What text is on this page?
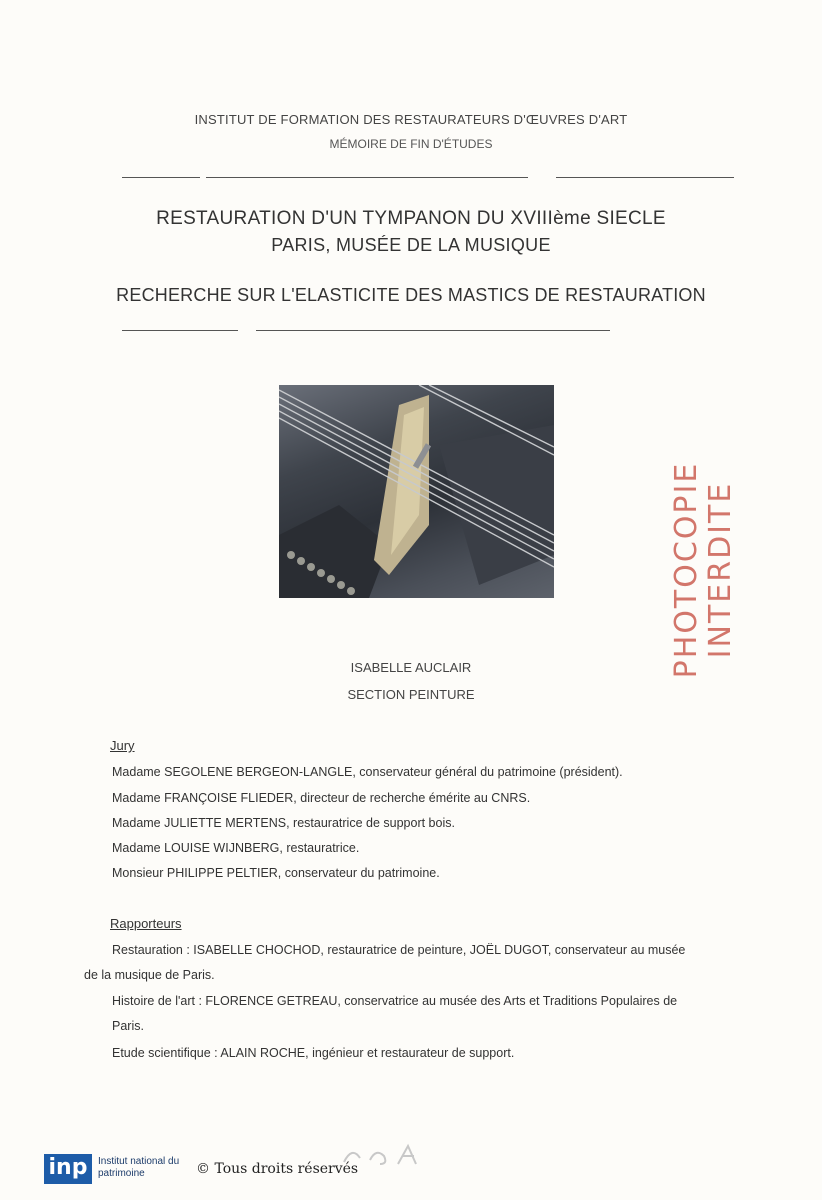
INSTITUT DE FORMATION DES RESTAURATEURS D'ŒUVRES D'ART
MÉMOIRE DE FIN D'ÉTUDES
RESTAURATION D'UN TYMPANON DU XVIIIème SIECLE
PARIS, MUSÉE DE LA MUSIQUE
RECHERCHE SUR L'ELASTICITE DES MASTICS DE RESTAURATION
PHOTOCOPIE INTERDITE
ISABELLE AUCLAIR
SECTION PEINTURE
Jury
Madame SEGOLENE BERGEON-LANGLE, conservateur général du patrimoine (président).
Madame FRANÇOISE FLIEDER, directeur de recherche émérite au CNRS.
Madame JULIETTE MERTENS, restauratrice de support bois.
Madame LOUISE WIJNBERG, restauratrice.
Monsieur PHILIPPE PELTIER, conservateur du patrimoine.
Rapporteurs
Restauration : ISABELLE CHOCHOD, restauratrice de peinture, JOËL DUGOT, conservateur au musée
de la musique de Paris.
Histoire de l'art : FLORENCE GETREAU, conservatrice au musée des Arts et Traditions Populaires de
Paris.
Etude scientifique : ALAIN ROCHE, ingénieur et restaurateur de support.
inp	Institut national du patrimoine	© Tous droits réservés
